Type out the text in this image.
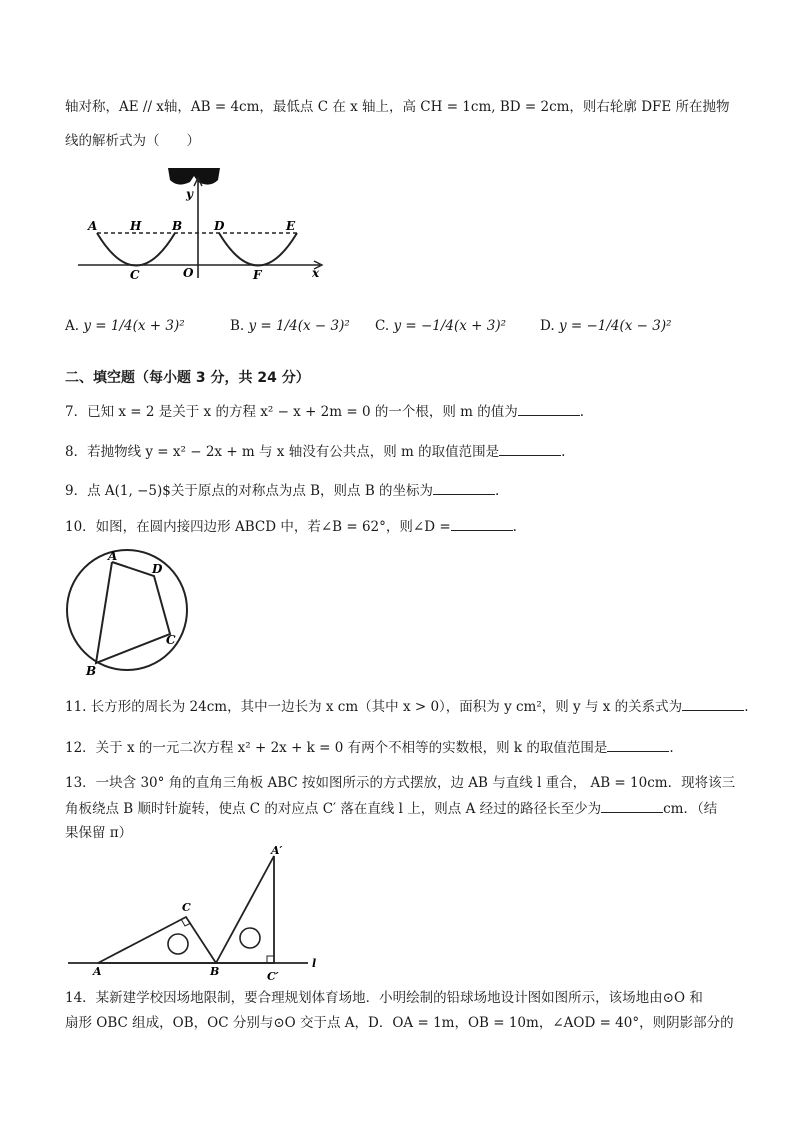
轴对称，AE // x轴，AB = 4cm，最低点 C 在 x 轴上，高 CH = 1cm, BD = 2cm，则右轮廓 DFE 所在抛物
线的解析式为（　　）
y
x
A	H	B	D	E
C	O	F
A. y = 1/4(x + 3)²	B. y = 1/4(x − 3)² C. y = −1/4(x + 3)²	D. y = −1/4(x − 3)²
二、填空题（每小题 3 分，共 24 分）
7．已知 x = 2 是关于 x 的方程 x² − x + 2m = 0 的一个根，则 m 的值为	.
8．若抛物线 y = x² − 2x + m 与 x 轴没有公共点，则 m 的取值范围是	.
9．点 A(1, −5)$关于原点的对称点为点 B，则点 B 的坐标为	.
10．如图，在圆内接四边形 ABCD 中，若∠B = 62°，则∠D =	.
A
D
C
B
11. 长方形的周长为 24cm，其中一边长为 x cm（其中 x > 0），面积为 y cm²，则 y 与 x 的关系式为	.
12．关于 x 的一元二次方程 x² + 2x + k = 0 有两个不相等的实数根，则 k 的取值范围是	.
13．一块含 30° 角的直角三角板 ABC 按如图所示的方式摆放，边 AB 与直线 l 重合， AB = 10cm．现将该三
角板绕点 B 顺时针旋转，使点 C 的对应点 C′ 落在直线 l 上，则点 A 经过的路径长至少为	cm．（结
果保留 π）
A	B
C
A′
C′
l
14．某新建学校因场地限制，要合理规划体育场地．小明绘制的铅球场地设计图如图所示，该场地由⊙O 和
扇形 OBC 组成，OB，OC 分别与⊙O 交于点 A，D．OA = 1m，OB = 10m，∠AOD = 40°，则阴影部分的
